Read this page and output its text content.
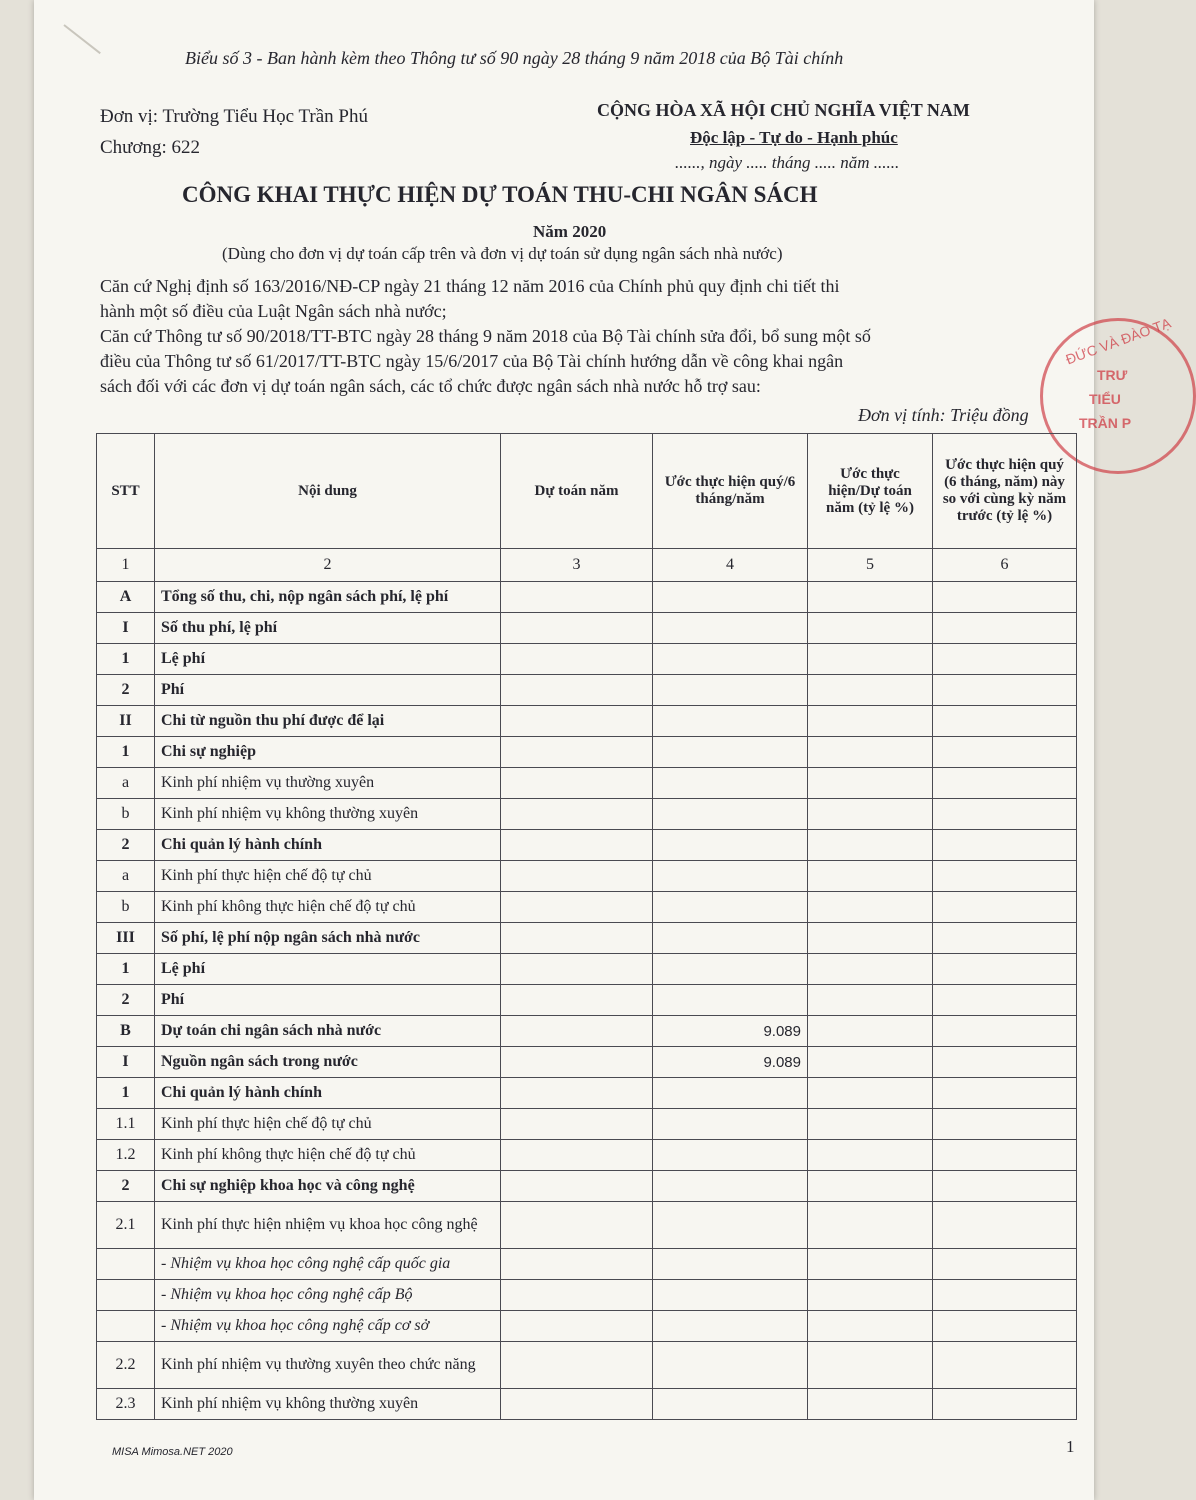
Biểu số 3 - Ban hành kèm theo Thông tư số 90 ngày 28 tháng 9 năm 2018 của Bộ Tài chính
Đơn vị: Trường Tiểu Học Trần Phú
Chương: 622
CỘNG HÒA XÃ HỘI CHỦ NGHĨA VIỆT NAM
Độc lập - Tự do - Hạnh phúc
......, ngày ..... tháng ..... năm ......
CÔNG KHAI THỰC HIỆN DỰ TOÁN THU-CHI NGÂN SÁCH
Năm 2020
(Dùng cho đơn vị dự toán cấp trên và đơn vị dự toán sử dụng ngân sách nhà nước)
Căn cứ Nghị định số 163/2016/NĐ-CP ngày 21 tháng 12 năm 2016 của Chính phủ quy định chi tiết thi
hành một số điều của Luật Ngân sách nhà nước;
Căn cứ Thông tư số 90/2018/TT-BTC ngày 28 tháng 9 năm 2018 của Bộ Tài chính sửa đổi, bổ sung một số
điều của Thông tư số 61/2017/TT-BTC ngày 15/6/2017 của Bộ Tài chính hướng dẫn về công khai ngân
sách đối với các đơn vị dự toán ngân sách, các tổ chức được ngân sách nhà nước hỗ trợ sau:
Đơn vị tính: Triệu đồng
ĐỨC VÀ ĐÀO TẠ
TRƯ
TIỂU
TRẦN P
STT	Nội dung	Dự toán năm	Ước thực hiện quý/6 tháng/năm	Ước thực hiện/Dự toán năm (tỷ lệ %)	Ước thực hiện quý (6 tháng, năm) này so với cùng kỳ năm trước (tỷ lệ %)
1	2	3	4	5	6
A	Tổng số thu, chi, nộp ngân sách phí, lệ phí				
I	Số thu phí, lệ phí				
1	Lệ phí				
2	Phí				
II	Chi từ nguồn thu phí được để lại				
1	Chi sự nghiệp				
a	Kinh phí nhiệm vụ thường xuyên				
b	Kinh phí nhiệm vụ không thường xuyên				
2	Chi quản lý hành chính				
a	Kinh phí thực hiện chế độ tự chủ				
b	Kinh phí không thực hiện chế độ tự chủ				
III	Số phí, lệ phí nộp ngân sách nhà nước				
1	Lệ phí				
2	Phí				
B	Dự toán chi ngân sách nhà nước		9.089		
I	Nguồn ngân sách trong nước		9.089		
1	Chi quản lý hành chính				
1.1	Kinh phí thực hiện chế độ tự chủ				
1.2	Kinh phí không thực hiện chế độ tự chủ				
2	Chi sự nghiệp khoa học và công nghệ				
2.1	Kinh phí thực hiện nhiệm vụ khoa học công nghệ				
	- Nhiệm vụ khoa học công nghệ cấp quốc gia				
	- Nhiệm vụ khoa học công nghệ cấp Bộ				
	- Nhiệm vụ khoa học công nghệ cấp cơ sở				
2.2	Kinh phí nhiệm vụ thường xuyên theo chức năng				
2.3	Kinh phí nhiệm vụ không thường xuyên				
MISA Mimosa.NET 2020	1
